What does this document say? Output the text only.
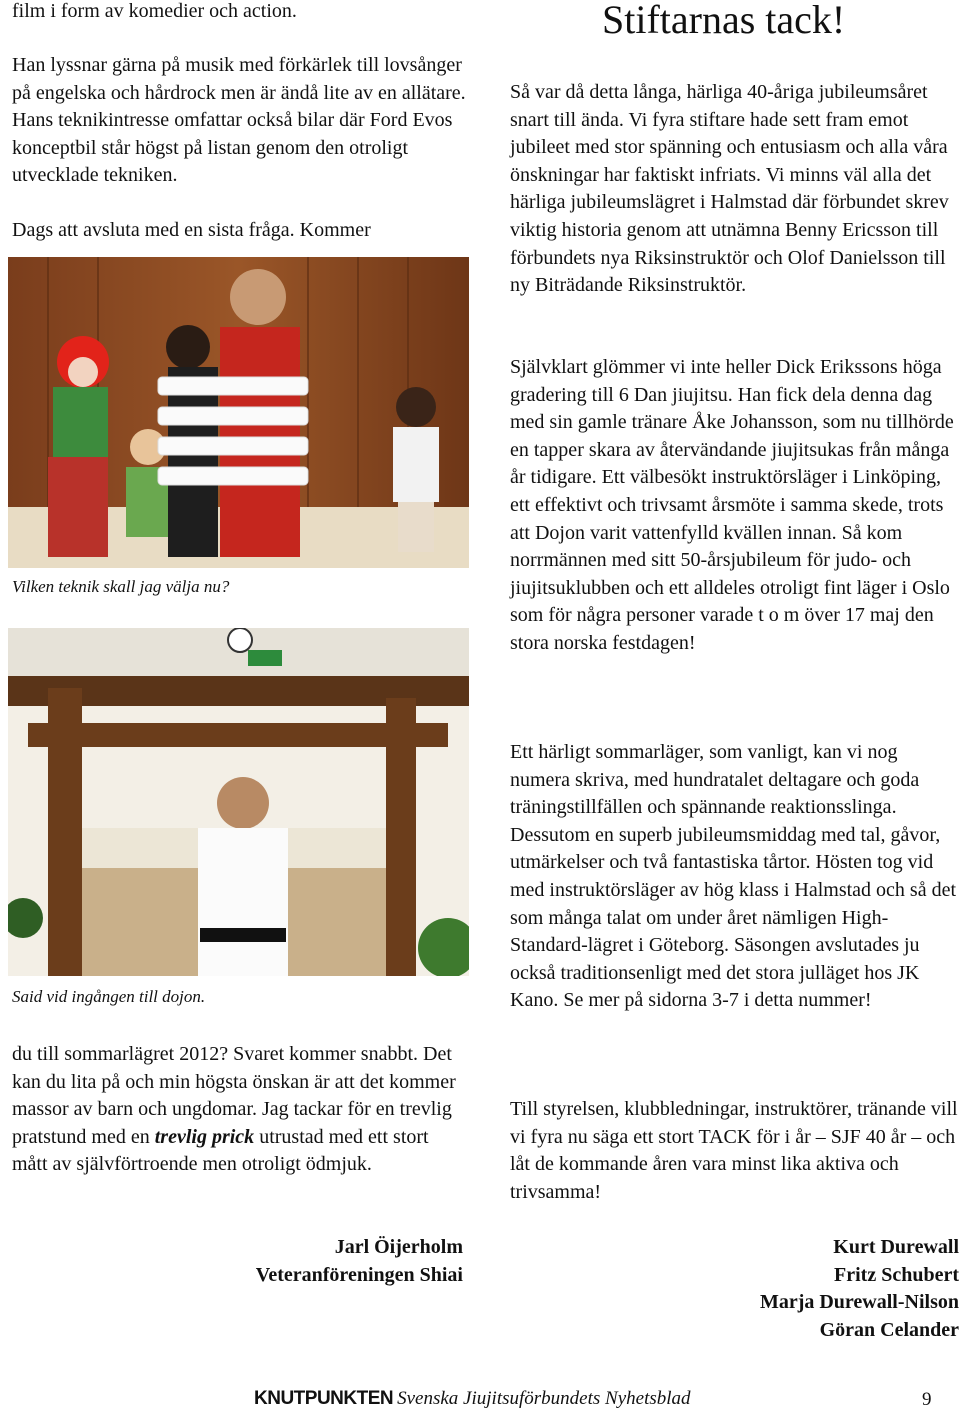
film i form av komedier och action.

Han lyssnar gärna på musik med förkärlek till lovsånger på engelska och hårdrock men är ändå lite av en allätare. Hans teknikintresse omfattar också bilar där Ford Evos konceptbil står högst på listan genom den otroligt utvecklade tekniken.

Dags att avsluta med en sista fråga. Kommer

Vilken teknik skall jag välja nu?
Said vid ingången till dojon.

du till sommarlägret 2012? Svaret kommer snabbt. Det kan du lita på och min högsta önskan är att det kommer massor av barn och ungdomar. Jag tackar för en trevlig pratstund med en trevlig prick utrustad med ett stort mått av självförtroende men otroligt ödmjuk.

Jarl Öijerholm
Veteranföreningen Shiai
Stiftarnas tack!

Så var då detta långa, härliga 40-åriga jubileumsåret snart till ända. Vi fyra stiftare hade sett fram emot jubileet med stor spänning och entusiasm och alla våra önskningar har faktiskt infriats. Vi minns väl alla det härliga jubileumslägret i Halmstad där förbundet skrev viktig historia genom att utnämna Benny Ericsson till förbundets nya Riksinstruktör och Olof Danielsson till ny Biträdande Riksinstruktör.

Självklart glömmer vi inte heller Dick Erikssons höga gradering till 6 Dan jiujitsu. Han fick dela denna dag med sin gamle tränare Åke Johansson, som nu tillhörde en tapper skara av återvändande jiujitsukas från många år tidigare. Ett välbesökt instruktörsläger i Linköping, ett effektivt och trivsamt årsmöte i samma skede, trots att Dojon varit vattenfylld kvällen innan. Så kom norrmännen med sitt 50-årsjubileum för judo- och jiujitsuklubben och ett alldeles otroligt fint läger i Oslo som för några personer varade t o m över 17 maj den stora norska festdagen!

Ett härligt sommarläger, som vanligt, kan vi nog numera skriva, med hundratalet deltagare och goda träningstillfällen och spännande reaktionsslinga. Dessutom en superb jubileumsmiddag med tal, gåvor, utmärkelser och två fantastiska tårtor. Hösten tog vid med instruktörsläger av hög klass i Halmstad och så det som många talat om under året nämligen High-Standard-lägret i Göteborg. Säsongen avslutades ju också traditionsenligt med det stora julläget hos JK Kano. Se mer på sidorna 3-7 i detta nummer!

Till styrelsen, klubbledningar, instruktörer, tränande vill vi fyra nu säga ett stort TACK för i år – SJF 40 år – och låt de kommande åren vara minst lika aktiva och trivsamma!

Kurt Durewall
Fritz Schubert
Marja Durewall-Nilson
Göran Celander
KNUTPUNKTEN Svenska Jiujitsuförbundets Nyhetsblad	9
